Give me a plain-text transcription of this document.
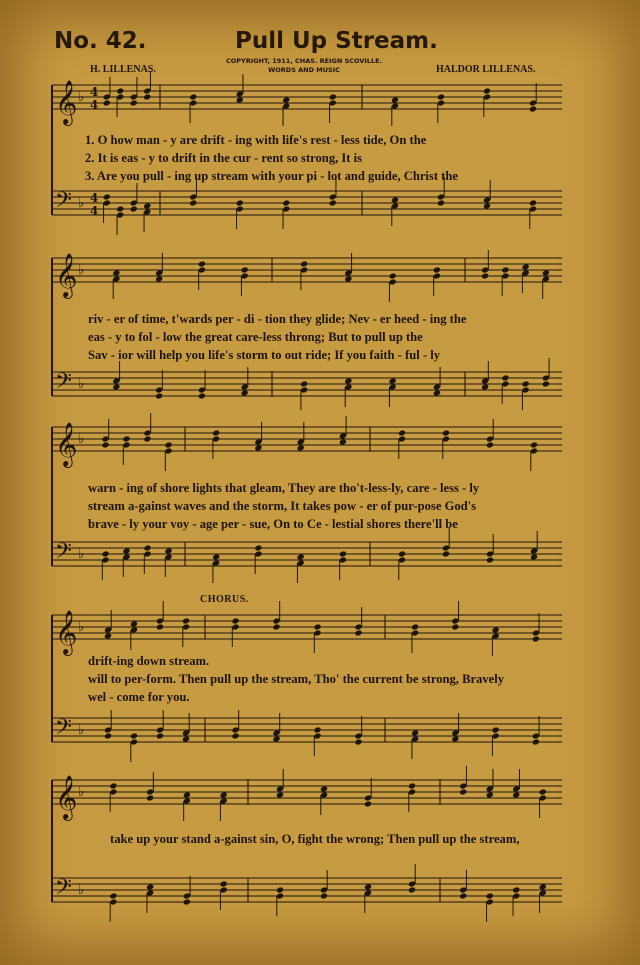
𝄞 ♭
𝄢 ♭
4
4
4
4
𝄞 ♭
𝄢 ♭
𝄞 ♭
𝄢 ♭
𝄞 ♭
𝄢 ♭
𝄞 ♭
𝄢 ♭
No. 42.	Pull Up Stream.
COPYRIGHT, 1911, CHAS. REIGN SCOVILLE.
WORDS AND MUSIC
H. LILLENAS.	HALDOR LILLENAS.
1. O how man - y are drift - ing with life's rest - less tide, On the
2. It is eas - y to drift in the cur - rent so strong, It is
3. Are you pull - ing up stream with your pi - lot and guide, Christ the
riv - er of time, t'wards per - di - tion they glide; Nev - er heed - ing the
eas - y to fol - low the great care-less throng; But to pull up the
Sav - ior will help you life's storm to out ride; If you faith - ful - ly
warn - ing of shore lights that gleam, They are tho't-less-ly, care - less - ly
stream a-gainst waves and the storm, It takes pow - er of pur-pose God's
brave - ly your voy - age per - sue, On to Ce - lestial shores there'll be
CHORUS.
drift-ing down stream.
will to per-form. Then pull up the stream, Tho' the current be strong, Bravely
wel - come for you.
take up your stand a-gainst sin, O, fight the wrong; Then pull up the stream,
